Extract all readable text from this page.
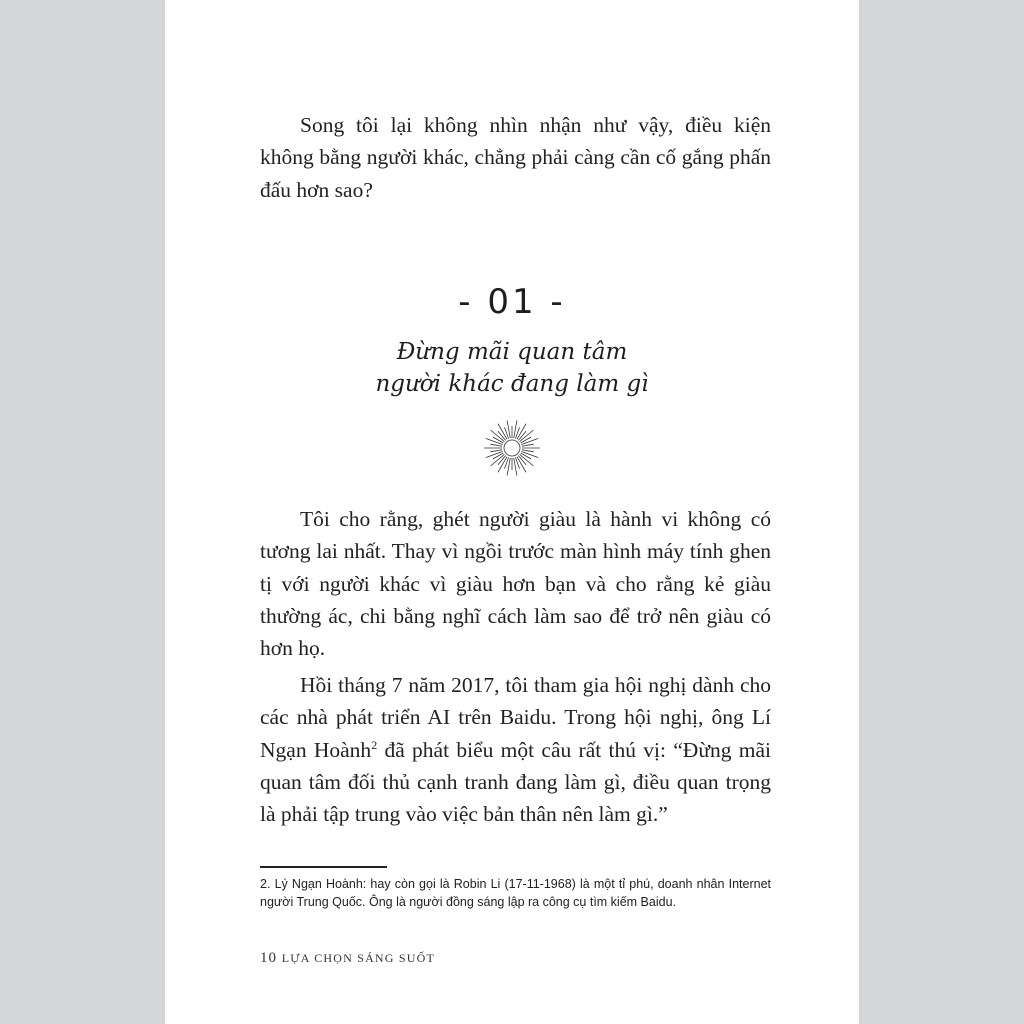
Song tôi lại không nhìn nhận như vậy, điều kiện không bằng người khác, chẳng phải càng cần cố gắng phấn đấu hơn sao?

- 01 -
Đừng mãi quan tâm
người khác đang làm gì

Tôi cho rằng, ghét người giàu là hành vi không có tương lai nhất. Thay vì ngồi trước màn hình máy tính ghen tị với người khác vì giàu hơn bạn và cho rằng kẻ giàu thường ác, chi bằng nghĩ cách làm sao để trở nên giàu có hơn họ.

Hồi tháng 7 năm 2017, tôi tham gia hội nghị dành cho các nhà phát triển AI trên Baidu. Trong hội nghị, ông Lí Ngạn Hoành$^2$ đã phát biểu một câu rất thú vị: “Đừng mãi quan tâm đối thủ cạnh tranh đang làm gì, điều quan trọng là phải tập trung vào việc bản thân nên làm gì.”

2. Lý Ngạn Hoành: hay còn gọi là Robin Li (17-11-1968) là một tỉ phú, doanh nhân Internet người Trung Quốc. Ông là người đồng sáng lập ra công cụ tìm kiếm Baidu.

10 LỰA CHỌN SÁNG SUỐT
